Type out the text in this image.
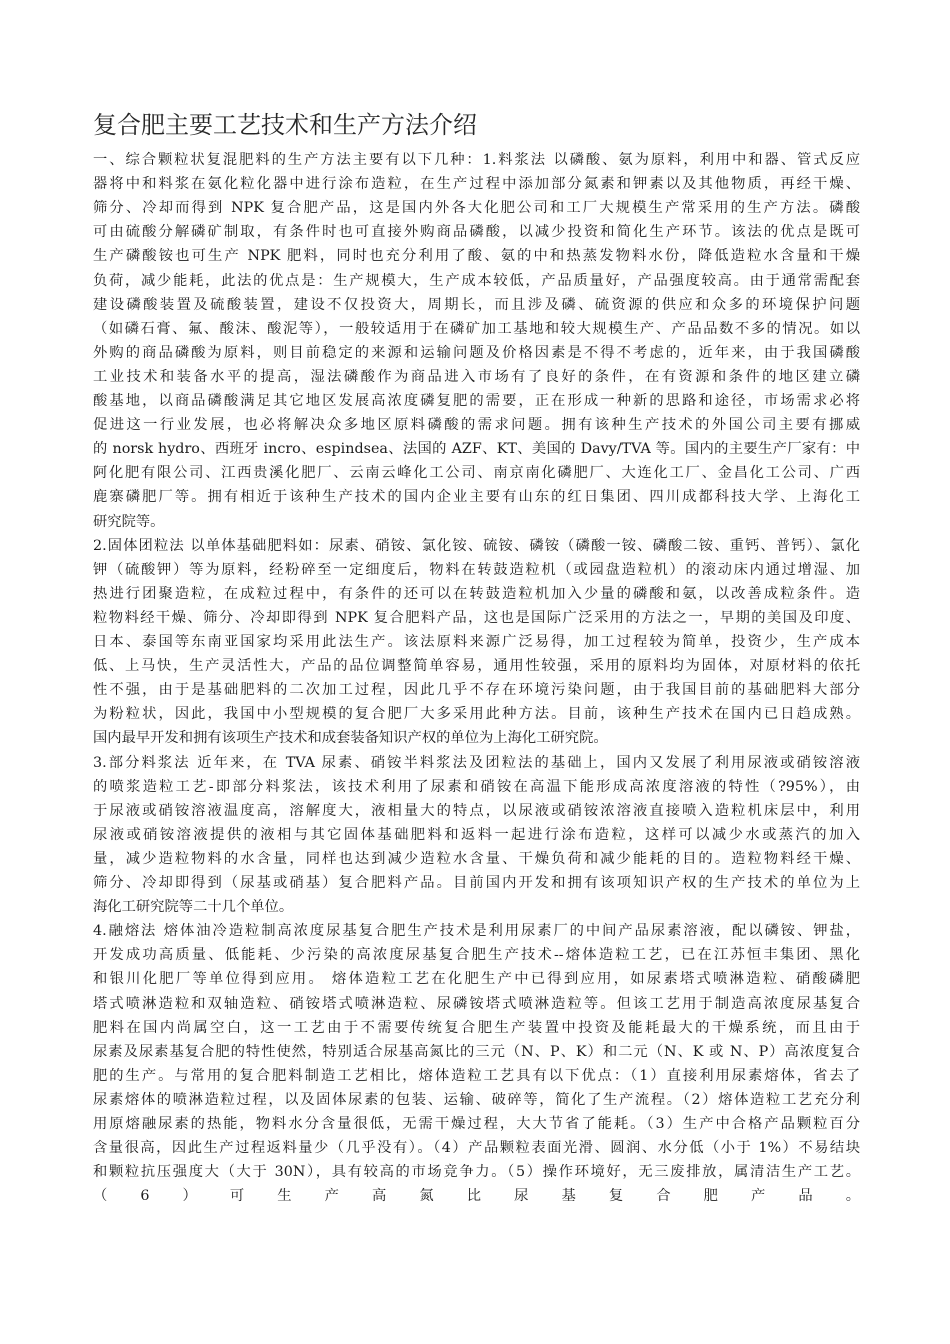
复合肥主要工艺技术和生产方法介绍

一、综合颗粒状复混肥料的生产方法主要有以下几种：1.料浆法 以磷酸、氨为原料，利用中和器、管式反应

器将中和料浆在氨化粒化器中进行涂布造粒，在生产过程中添加部分氮素和钾素以及其他物质，再经干燥、

筛分、冷却而得到 NPK 复合肥产品，这是国内外各大化肥公司和工厂大规模生产常采用的生产方法。磷酸

可由硫酸分解磷矿制取，有条件时也可直接外购商品磷酸，以减少投资和简化生产环节。该法的优点是既可

生产磷酸铵也可生产 NPK 肥料，同时也充分利用了酸、氨的中和热蒸发物料水份，降低造粒水含量和干燥

负荷，减少能耗，此法的优点是：生产规模大，生产成本较低，产品质量好，产品强度较高。由于通常需配套

建设磷酸装置及硫酸装置，建设不仅投资大，周期长，而且涉及磷、硫资源的供应和众多的环境保护问题

（如磷石膏、氟、酸沫、酸泥等），一般较适用于在磷矿加工基地和较大规模生产、产品品数不多的情况。如以

外购的商品磷酸为原料，则目前稳定的来源和运输问题及价格因素是不得不考虑的，近年来，由于我国磷酸

工业技术和装备水平的提高，湿法磷酸作为商品进入市场有了良好的条件，在有资源和条件的地区建立磷

酸基地，以商品磷酸满足其它地区发展高浓度磷复肥的需要，正在形成一种新的思路和途径，市场需求必将

促进这一行业发展，也必将解决众多地区原料磷酸的需求问题。拥有该种生产技术的外国公司主要有挪威

的 norsk hydro、西班牙 incro、espindsea、法国的 AZF、KT、美国的 Davy/TVA 等。国内的主要生产厂家有：中

阿化肥有限公司、江西贵溪化肥厂、云南云峰化工公司、南京南化磷肥厂、大连化工厂、金昌化工公司、广西

鹿寨磷肥厂等。拥有相近于该种生产技术的国内企业主要有山东的红日集团、四川成都科技大学、上海化工

研究院等。

2.固体团粒法 以单体基础肥料如：尿素、硝铵、氯化铵、硫铵、磷铵（磷酸一铵、磷酸二铵、重钙、普钙）、氯化

钾（硫酸钾）等为原料，经粉碎至一定细度后，物料在转鼓造粒机（或园盘造粒机）的滚动床内通过增湿、加

热进行团聚造粒，在成粒过程中，有条件的还可以在转鼓造粒机加入少量的磷酸和氨，以改善成粒条件。造

粒物料经干燥、筛分、冷却即得到 NPK 复合肥料产品，这也是国际广泛采用的方法之一，早期的美国及印度、

日本、泰国等东南亚国家均采用此法生产。该法原料来源广泛易得，加工过程较为简单，投资少，生产成本

低、上马快，生产灵活性大，产品的品位调整简单容易，通用性较强，采用的原料均为固体，对原材料的依托

性不强，由于是基础肥料的二次加工过程，因此几乎不存在环境污染问题，由于我国目前的基础肥料大部分

为粉粒状，因此，我国中小型规模的复合肥厂大多采用此种方法。目前，该种生产技术在国内已日趋成熟。

国内最早开发和拥有该项生产技术和成套装备知识产权的单位为上海化工研究院。

3.部分料浆法 近年来，在 TVA 尿素、硝铵半料浆法及团粒法的基础上，国内又发展了利用尿液或硝铵溶液

的喷浆造粒工艺-即部分料浆法，该技术利用了尿素和硝铵在高温下能形成高浓度溶液的特性（?95%），由

于尿液或硝铵溶液温度高，溶解度大，液相量大的特点，以尿液或硝铵浓溶液直接喷入造粒机床层中，利用

尿液或硝铵溶液提供的液相与其它固体基础肥料和返料一起进行涂布造粒，这样可以减少水或蒸汽的加入

量，减少造粒物料的水含量，同样也达到减少造粒水含量、干燥负荷和减少能耗的目的。造粒物料经干燥、

筛分、冷却即得到（尿基或硝基）复合肥料产品。目前国内开发和拥有该项知识产权的生产技术的单位为上

海化工研究院等二十几个单位。

4.融熔法 熔体油冷造粒制高浓度尿基复合肥生产技术是利用尿素厂的中间产品尿素溶液，配以磷铵、钾盐，

开发成功高质量、低能耗、少污染的高浓度尿基复合肥生产技术--熔体造粒工艺，已在江苏恒丰集团、黑化

和银川化肥厂等单位得到应用。 熔体造粒工艺在化肥生产中已得到应用，如尿素塔式喷淋造粒、硝酸磷肥

塔式喷淋造粒和双轴造粒、硝铵塔式喷淋造粒、尿磷铵塔式喷淋造粒等。但该工艺用于制造高浓度尿基复合

肥料在国内尚属空白，这一工艺由于不需要传统复合肥生产装置中投资及能耗最大的干燥系统，而且由于

尿素及尿素基复合肥的特性使然，特别适合尿基高氮比的三元（N、P、K）和二元（N、K 或 N、P）高浓度复合

肥的生产。与常用的复合肥料制造工艺相比，熔体造粒工艺具有以下优点：（1）直接利用尿素熔体，省去了

尿素熔体的喷淋造粒过程，以及固体尿素的包装、运输、破碎等，简化了生产流程。（2）熔体造粒工艺充分利

用原熔融尿素的热能，物料水分含量很低，无需干燥过程，大大节省了能耗。（3）生产中合格产品颗粒百分

含量很高，因此生产过程返料量少（几乎没有）。（4）产品颗粒表面光滑、圆润、水分低（小于 1%）不易结块

和颗粒抗压强度大（大于 30N），具有较高的市场竞争力。（5）操作环境好，无三废排放，属清洁生产工艺。

（6）可生产高氮比尿基复合肥产品。
